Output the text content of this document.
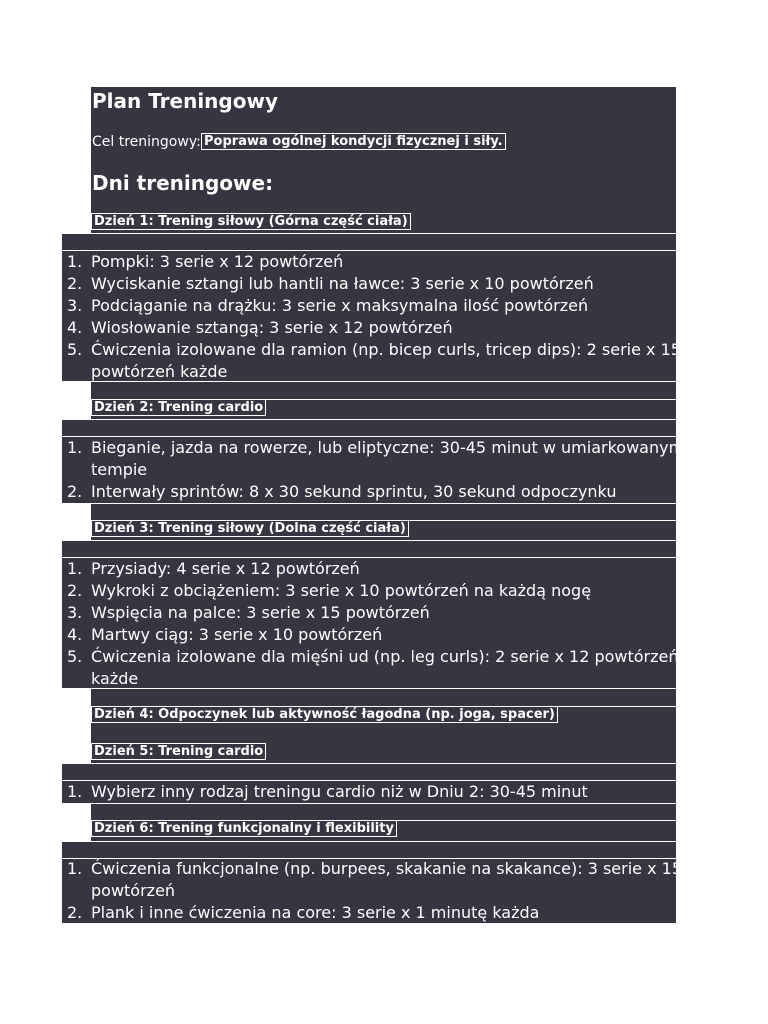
Plan Treningowy
Cel treningowy: Poprawa ogólnej kondycji fizycznej i siły.
Dni treningowe:
Dzień 1: Trening siłowy (Górna część ciała)
1. Pompki: 3 serie x 12 powtórzeń
2. Wyciskanie sztangi lub hantli na ławce: 3 serie x 10 powtórzeń
3. Podciąganie na drążku: 3 serie x maksymalna ilość powtórzeń
4. Wiosłowanie sztangą: 3 serie x 12 powtórzeń
5. Ćwiczenia izolowane dla ramion (np. bicep curls, tricep dips): 2 serie x 15
powtórzeń każde
Dzień 2: Trening cardio
1. Bieganie, jazda na rowerze, lub eliptyczne: 30-45 minut w umiarkowanym
tempie
2. Interwały sprintów: 8 x 30 sekund sprintu, 30 sekund odpoczynku
Dzień 3: Trening siłowy (Dolna część ciała)
1. Przysiady: 4 serie x 12 powtórzeń
2. Wykroki z obciążeniem: 3 serie x 10 powtórzeń na każdą nogę
3. Wspięcia na palce: 3 serie x 15 powtórzeń
4. Martwy ciąg: 3 serie x 10 powtórzeń
5. Ćwiczenia izolowane dla mięśni ud (np. leg curls): 2 serie x 12 powtórzeń
każde
Dzień 4: Odpoczynek lub aktywność łagodna (np. joga, spacer)
Dzień 5: Trening cardio
1. Wybierz inny rodzaj treningu cardio niż w Dniu 2: 30-45 minut
Dzień 6: Trening funkcjonalny i flexibility
1. Ćwiczenia funkcjonalne (np. burpees, skakanie na skakance): 3 serie x 15
powtórzeń
2. Plank i inne ćwiczenia na core: 3 serie x 1 minutę każda
